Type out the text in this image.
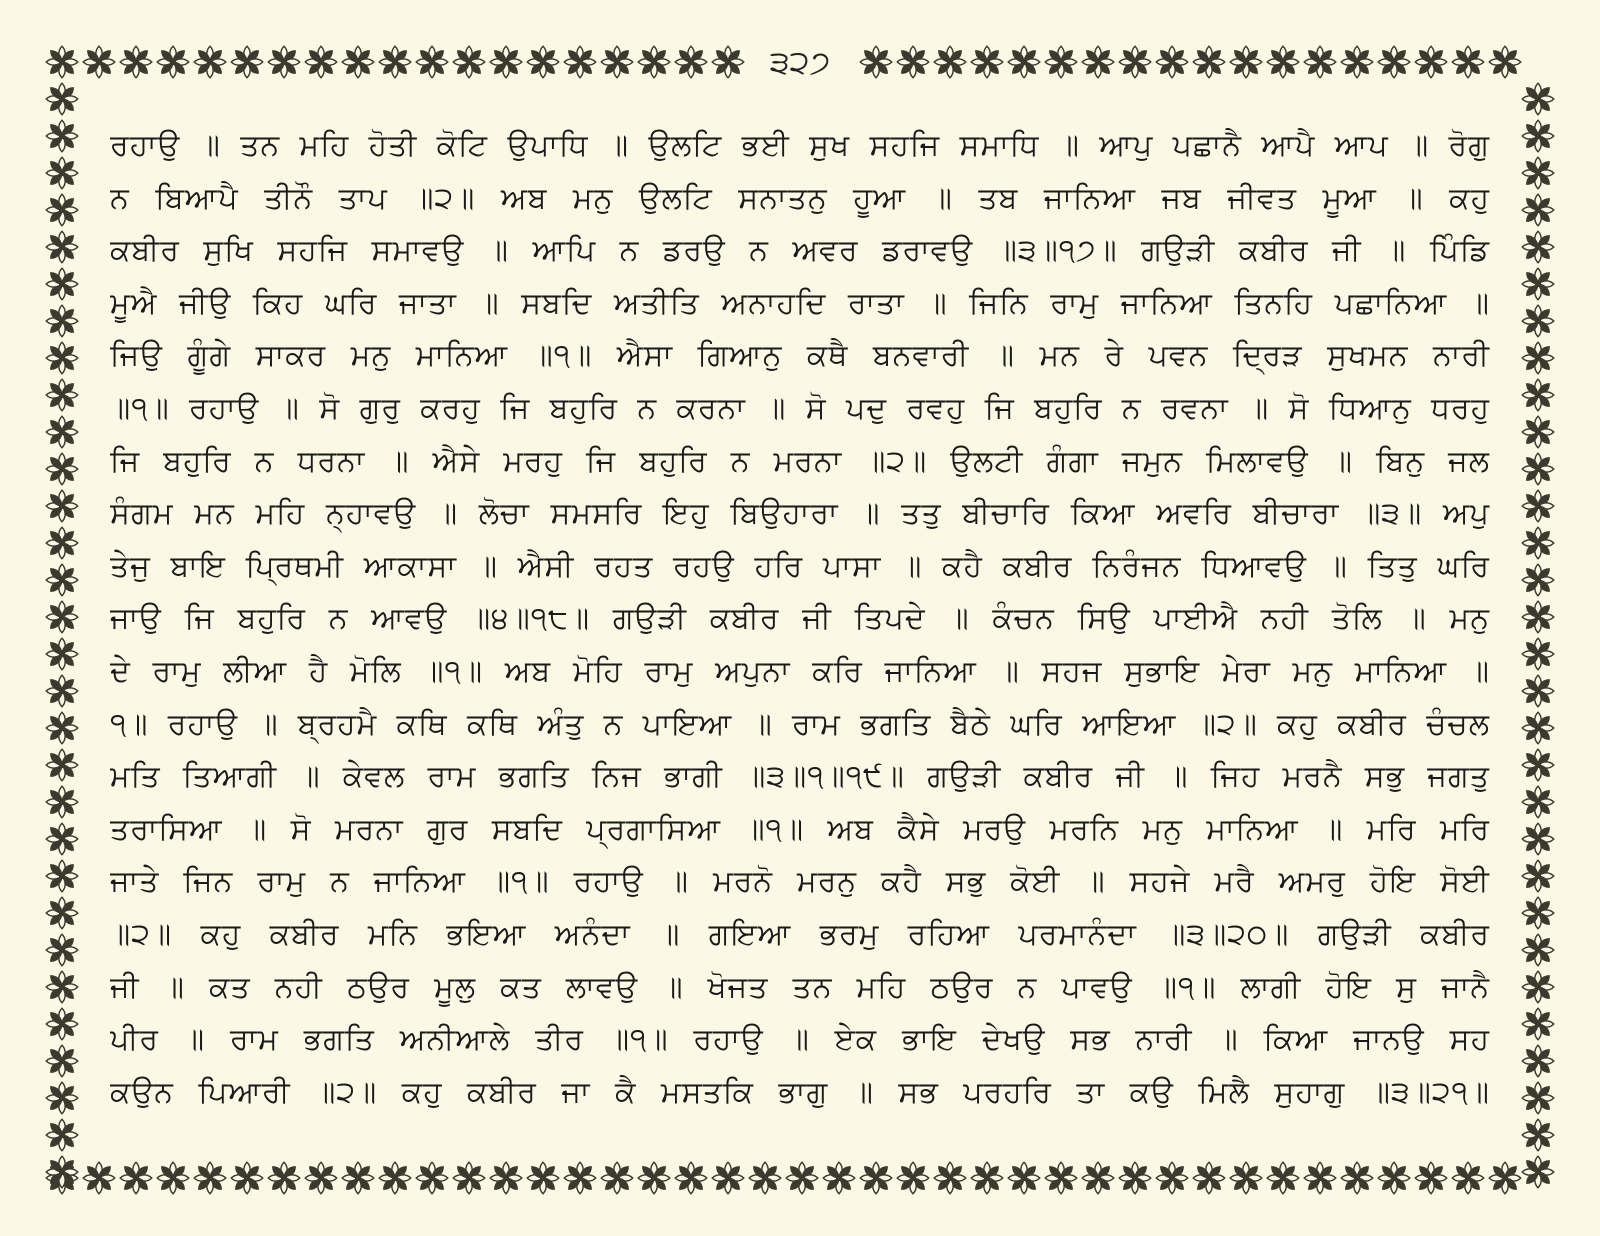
੩੨੭
ਰਹਾਉ ॥ ਤਨ ਮਹਿ ਹੋਤੀ ਕੋਟਿ ਉਪਾਧਿ ॥ ਉਲਟਿ ਭਈ ਸੁਖ ਸਹਜਿ ਸਮਾਧਿ ॥ ਆਪੁ ਪਛਾਨੈ ਆਪੈ ਆਪ ॥ ਰੋਗੁ
ਨ ਬਿਆਪੈ ਤੀਨੌ ਤਾਪ ॥੨॥ ਅਬ ਮਨੁ ਉਲਟਿ ਸਨਾਤਨੁ ਹੂਆ ॥ ਤਬ ਜਾਨਿਆ ਜਬ ਜੀਵਤ ਮੂਆ ॥ ਕਹੁ
ਕਬੀਰ ਸੁਖਿ ਸਹਜਿ ਸਮਾਵਉ ॥ ਆਪਿ ਨ ਡਰਉ ਨ ਅਵਰ ਡਰਾਵਉ ॥੩॥੧੭॥ ਗਉੜੀ ਕਬੀਰ ਜੀ ॥ ਪਿੰਡਿ
ਮੂਐ ਜੀਉ ਕਿਹ ਘਰਿ ਜਾਤਾ ॥ ਸਬਦਿ ਅਤੀਤਿ ਅਨਾਹਦਿ ਰਾਤਾ ॥ ਜਿਨਿ ਰਾਮੁ ਜਾਨਿਆ ਤਿਨਹਿ ਪਛਾਨਿਆ ॥
ਜਿਉ ਗੂੰਗੇ ਸਾਕਰ ਮਨੁ ਮਾਨਿਆ ॥੧॥ ਐਸਾ ਗਿਆਨੁ ਕਥੈ ਬਨਵਾਰੀ ॥ ਮਨ ਰੇ ਪਵਨ ਦ੍ਰਿੜ ਸੁਖਮਨ ਨਾਰੀ
॥੧॥ ਰਹਾਉ ॥ ਸੋ ਗੁਰੁ ਕਰਹੁ ਜਿ ਬਹੁਰਿ ਨ ਕਰਨਾ ॥ ਸੋ ਪਦੁ ਰਵਹੁ ਜਿ ਬਹੁਰਿ ਨ ਰਵਨਾ ॥ ਸੋ ਧਿਆਨੁ ਧਰਹੁ
ਜਿ ਬਹੁਰਿ ਨ ਧਰਨਾ ॥ ਐਸੇ ਮਰਹੁ ਜਿ ਬਹੁਰਿ ਨ ਮਰਨਾ ॥੨॥ ਉਲਟੀ ਗੰਗਾ ਜਮੁਨ ਮਿਲਾਵਉ ॥ ਬਿਨੁ ਜਲ
ਸੰਗਮ ਮਨ ਮਹਿ ਨ੍ਹਾਵਉ ॥ ਲੋਚਾ ਸਮਸਰਿ ਇਹੁ ਬਿਉਹਾਰਾ ॥ ਤਤੁ ਬੀਚਾਰਿ ਕਿਆ ਅਵਰਿ ਬੀਚਾਰਾ ॥੩॥ ਅਪੁ
ਤੇਜੁ ਬਾਇ ਪ੍ਰਿਥਮੀ ਆਕਾਸਾ ॥ ਐਸੀ ਰਹਤ ਰਹਉ ਹਰਿ ਪਾਸਾ ॥ ਕਹੈ ਕਬੀਰ ਨਿਰੰਜਨ ਧਿਆਵਉ ॥ ਤਿਤੁ ਘਰਿ
ਜਾਉ ਜਿ ਬਹੁਰਿ ਨ ਆਵਉ ॥੪॥੧੮॥ ਗਉੜੀ ਕਬੀਰ ਜੀ ਤਿਪਦੇ ॥ ਕੰਚਨ ਸਿਉ ਪਾਈਐ ਨਹੀ ਤੋਲਿ ॥ ਮਨੁ
ਦੇ ਰਾਮੁ ਲੀਆ ਹੈ ਮੋਲਿ ॥੧॥ ਅਬ ਮੋਹਿ ਰਾਮੁ ਅਪੁਨਾ ਕਰਿ ਜਾਨਿਆ ॥ ਸਹਜ ਸੁਭਾਇ ਮੇਰਾ ਮਨੁ ਮਾਨਿਆ ॥
੧॥ ਰਹਾਉ ॥ ਬ੍ਰਹਮੈ ਕਥਿ ਕਥਿ ਅੰਤੁ ਨ ਪਾਇਆ ॥ ਰਾਮ ਭਗਤਿ ਬੈਠੇ ਘਰਿ ਆਇਆ ॥੨॥ ਕਹੁ ਕਬੀਰ ਚੰਚਲ
ਮਤਿ ਤਿਆਗੀ ॥ ਕੇਵਲ ਰਾਮ ਭਗਤਿ ਨਿਜ ਭਾਗੀ ॥੩॥੧॥੧੯॥ ਗਉੜੀ ਕਬੀਰ ਜੀ ॥ ਜਿਹ ਮਰਨੈ ਸਭੁ ਜਗਤੁ
ਤਰਾਸਿਆ ॥ ਸੋ ਮਰਨਾ ਗੁਰ ਸਬਦਿ ਪ੍ਰਗਾਸਿਆ ॥੧॥ ਅਬ ਕੈਸੇ ਮਰਉ ਮਰਨਿ ਮਨੁ ਮਾਨਿਆ ॥ ਮਰਿ ਮਰਿ
ਜਾਤੇ ਜਿਨ ਰਾਮੁ ਨ ਜਾਨਿਆ ॥੧॥ ਰਹਾਉ ॥ ਮਰਨੋ ਮਰਨੁ ਕਹੈ ਸਭੁ ਕੋਈ ॥ ਸਹਜੇ ਮਰੈ ਅਮਰੁ ਹੋਇ ਸੋਈ
॥੨॥ ਕਹੁ ਕਬੀਰ ਮਨਿ ਭਇਆ ਅਨੰਦਾ ॥ ਗਇਆ ਭਰਮੁ ਰਹਿਆ ਪਰਮਾਨੰਦਾ ॥੩॥੨੦॥ ਗਉੜੀ ਕਬੀਰ
ਜੀ ॥ ਕਤ ਨਹੀ ਠਉਰ ਮੂਲੁ ਕਤ ਲਾਵਉ ॥ ਖੋਜਤ ਤਨ ਮਹਿ ਠਉਰ ਨ ਪਾਵਉ ॥੧॥ ਲਾਗੀ ਹੋਇ ਸੁ ਜਾਨੈ
ਪੀਰ ॥ ਰਾਮ ਭਗਤਿ ਅਨੀਆਲੇ ਤੀਰ ॥੧॥ ਰਹਾਉ ॥ ਏਕ ਭਾਇ ਦੇਖਉ ਸਭ ਨਾਰੀ ॥ ਕਿਆ ਜਾਨਉ ਸਹ
ਕਉਨ ਪਿਆਰੀ ॥੨॥ ਕਹੁ ਕਬੀਰ ਜਾ ਕੈ ਮਸਤਕਿ ਭਾਗੁ ॥ ਸਭ ਪਰਹਰਿ ਤਾ ਕਉ ਮਿਲੈ ਸੁਹਾਗੁ ॥੩॥੨੧॥
